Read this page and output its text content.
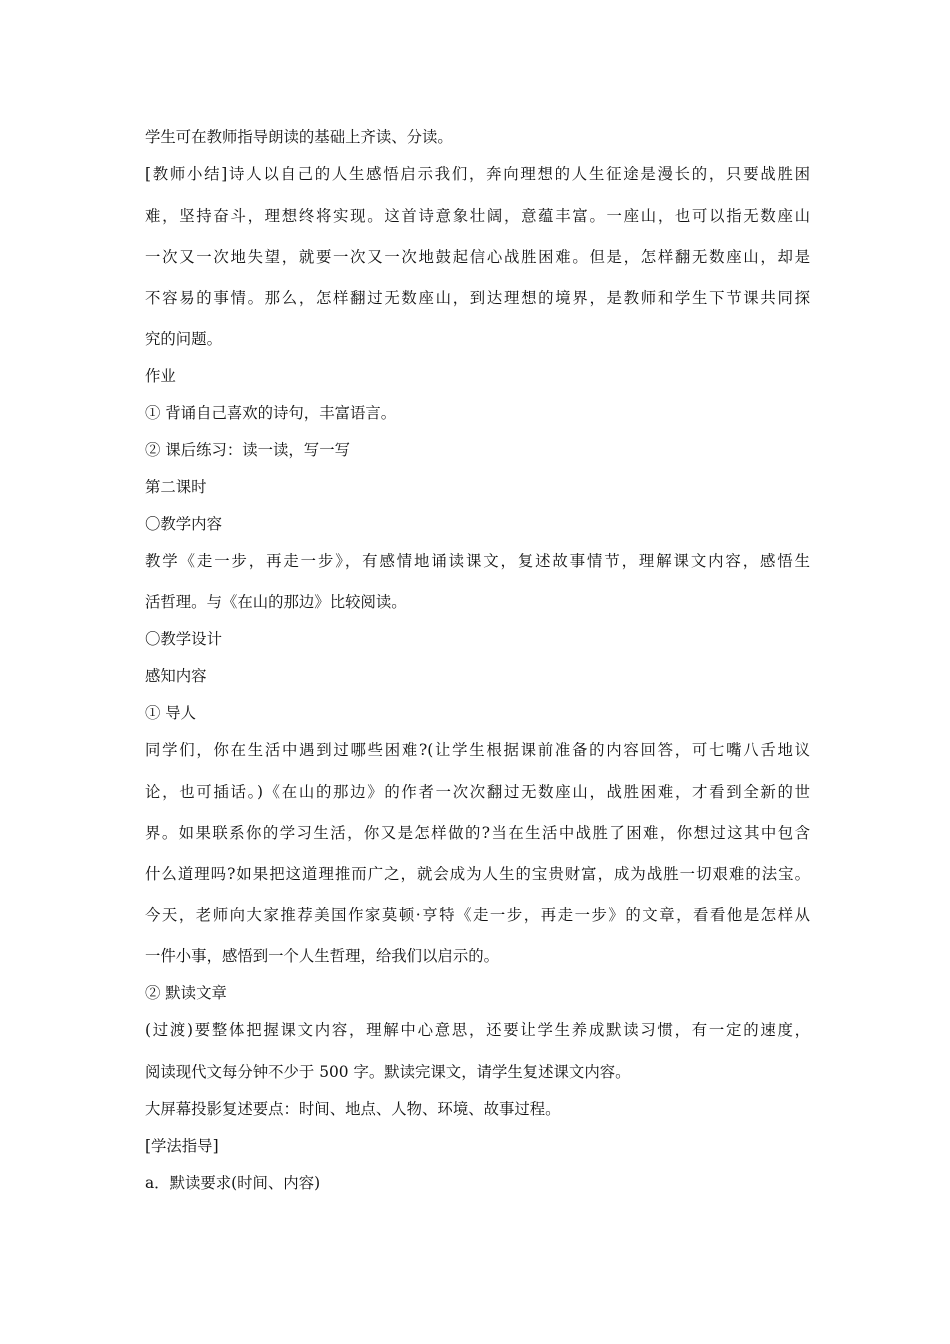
学生可在教师指导朗读的基础上齐读、分读。
[教师小结]诗人以自己的人生感悟启示我们，奔向理想的人生征途是漫长的，只要战胜困
难，坚持奋斗，理想终将实现。这首诗意象壮阔，意蕴丰富。一座山，也可以指无数座山
一次又一次地失望，就要一次又一次地鼓起信心战胜困难。但是，怎样翻无数座山，却是
不容易的事情。那么，怎样翻过无数座山，到达理想的境界，是教师和学生下节课共同探
究的问题。
作业
① 背诵自己喜欢的诗句，丰富语言。
② 课后练习：读一读，写一写
第二课时
〇教学内容
教学《走一步，再走一步》，有感情地诵读课文，复述故事情节，理解课文内容，感悟生
活哲理。与《在山的那边》比较阅读。
〇教学设计
感知内容
① 导人
同学们，你在生活中遇到过哪些困难?(让学生根据课前准备的内容回答，可七嘴八舌地议
论，也可插话。)《在山的那边》的作者一次次翻过无数座山，战胜困难，才看到全新的世
界。如果联系你的学习生活，你又是怎样做的?当在生活中战胜了困难，你想过这其中包含
什么道理吗?如果把这道理推而广之，就会成为人生的宝贵财富，成为战胜一切艰难的法宝。
今天，老师向大家推荐美国作家莫顿·亨特《走一步，再走一步》的文章，看看他是怎样从
一件小事，感悟到一个人生哲理，给我们以启示的。
② 默读文章
(过渡)要整体把握课文内容，理解中心意思，还要让学生养成默读习惯，有一定的速度，
阅读现代文每分钟不少于 500 字。默读完课文，请学生复述课文内容。
大屏幕投影复述要点：时间、地点、人物、环境、故事过程。
[学法指导]
a．默读要求(时间、内容)
